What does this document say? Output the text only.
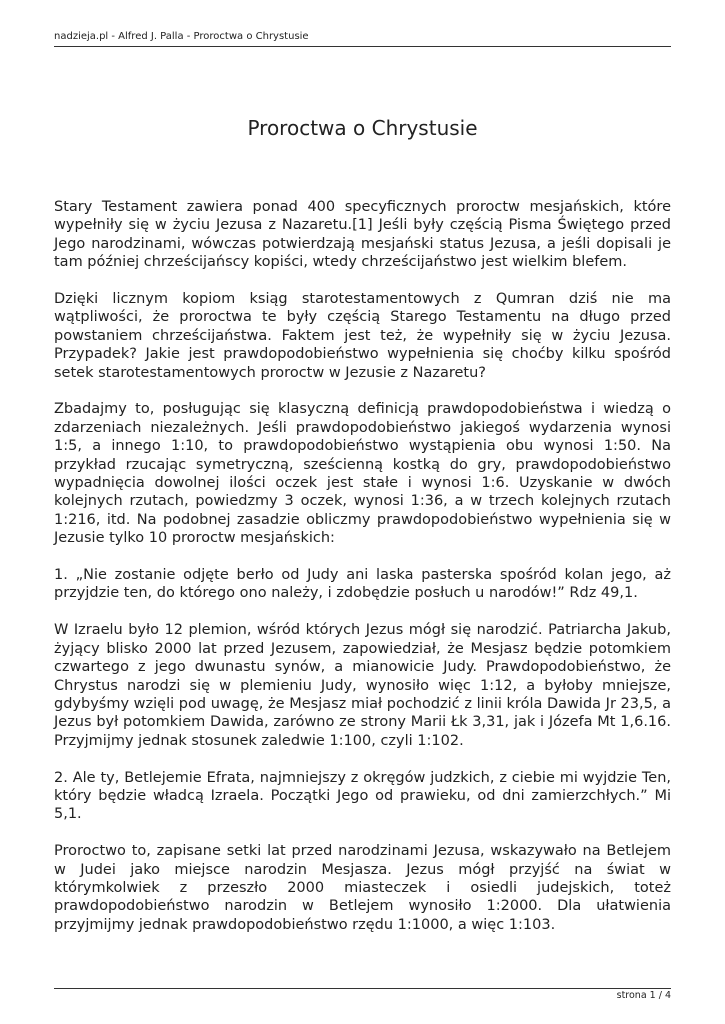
nadzieja.pl - Alfred J. Palla - Proroctwa o Chrystusie
Proroctwa o Chrystusie

Stary Testament zawiera ponad 400 specyficznych proroctw mesjańskich, które wypełniły się w życiu Jezusa z Nazaretu.[1] Jeśli były częścią Pisma Świętego przed Jego narodzinami, wówczas potwierdzają mesjański status Jezusa, a jeśli dopisali je tam później chrześcijańscy kopiści, wtedy chrześcijaństwo jest wielkim blefem.

Dzięki licznym kopiom ksiąg starotestamentowych z Qumran dziś nie ma wątpliwości, że proroctwa te były częścią Starego Testamentu na długo przed powstaniem chrześcijaństwa. Faktem jest też, że wypełniły się w życiu Jezusa. Przypadek? Jakie jest prawdopodobieństwo wypełnienia się choćby kilku spośród setek starotestamentowych proroctw w Jezusie z Nazaretu?

Zbadajmy to, posługując się klasyczną definicją prawdopodobieństwa i wiedzą o zdarzeniach niezależnych. Jeśli prawdopodobieństwo jakiegoś wydarzenia wynosi 1:5, a innego 1:10, to prawdopodobieństwo wystąpienia obu wynosi 1:50. Na przykład rzucając symetryczną, sześcienną kostką do gry, prawdopodobieństwo wypadnięcia dowolnej ilości oczek jest stałe i wynosi 1:6. Uzyskanie w dwóch kolejnych rzutach, powiedzmy 3 oczek, wynosi 1:36, a w trzech kolejnych rzutach 1:216, itd. Na podobnej zasadzie obliczmy prawdopodobieństwo wypełnienia się w Jezusie tylko 10 proroctw mesjańskich:

1. „Nie zostanie odjęte berło od Judy ani laska pasterska spośród kolan jego, aż przyjdzie ten, do którego ono należy, i zdobędzie posłuch u narodów!” Rdz 49,1.

W Izraelu było 12 plemion, wśród których Jezus mógł się narodzić. Patriarcha Jakub, żyjący blisko 2000 lat przed Jezusem, zapowiedział, że Mesjasz będzie potomkiem czwartego z jego dwunastu synów, a mianowicie Judy. Prawdopodobieństwo, że Chrystus narodzi się w plemieniu Judy, wynosiło więc 1:12, a byłoby mniejsze, gdybyśmy wzięli pod uwagę, że Mesjasz miał pochodzić z linii króla Dawida Jr 23,5, a Jezus był potomkiem Dawida, zarówno ze strony Marii Łk 3,31, jak i Józefa Mt 1,6.16. Przyjmijmy jednak stosunek zaledwie 1:100, czyli 1:102.

2. Ale ty, Betlejemie Efrata, najmniejszy z okręgów judzkich, z ciebie mi wyjdzie Ten, który będzie władcą Izraela. Początki Jego od prawieku, od dni zamierzchłych.” Mi 5,1.

Proroctwo to, zapisane setki lat przed narodzinami Jezusa, wskazywało na Betlejem w Judei jako miejsce narodzin Mesjasza. Jezus mógł przyjść na świat w którymkolwiek z przeszło 2000 miasteczek i osiedli judejskich, toteż prawdopodobieństwo narodzin w Betlejem wynosiło 1:2000. Dla ułatwienia przyjmijmy jednak prawdopodobieństwo rzędu 1:1000, a więc 1:103.

strona 1 / 4
